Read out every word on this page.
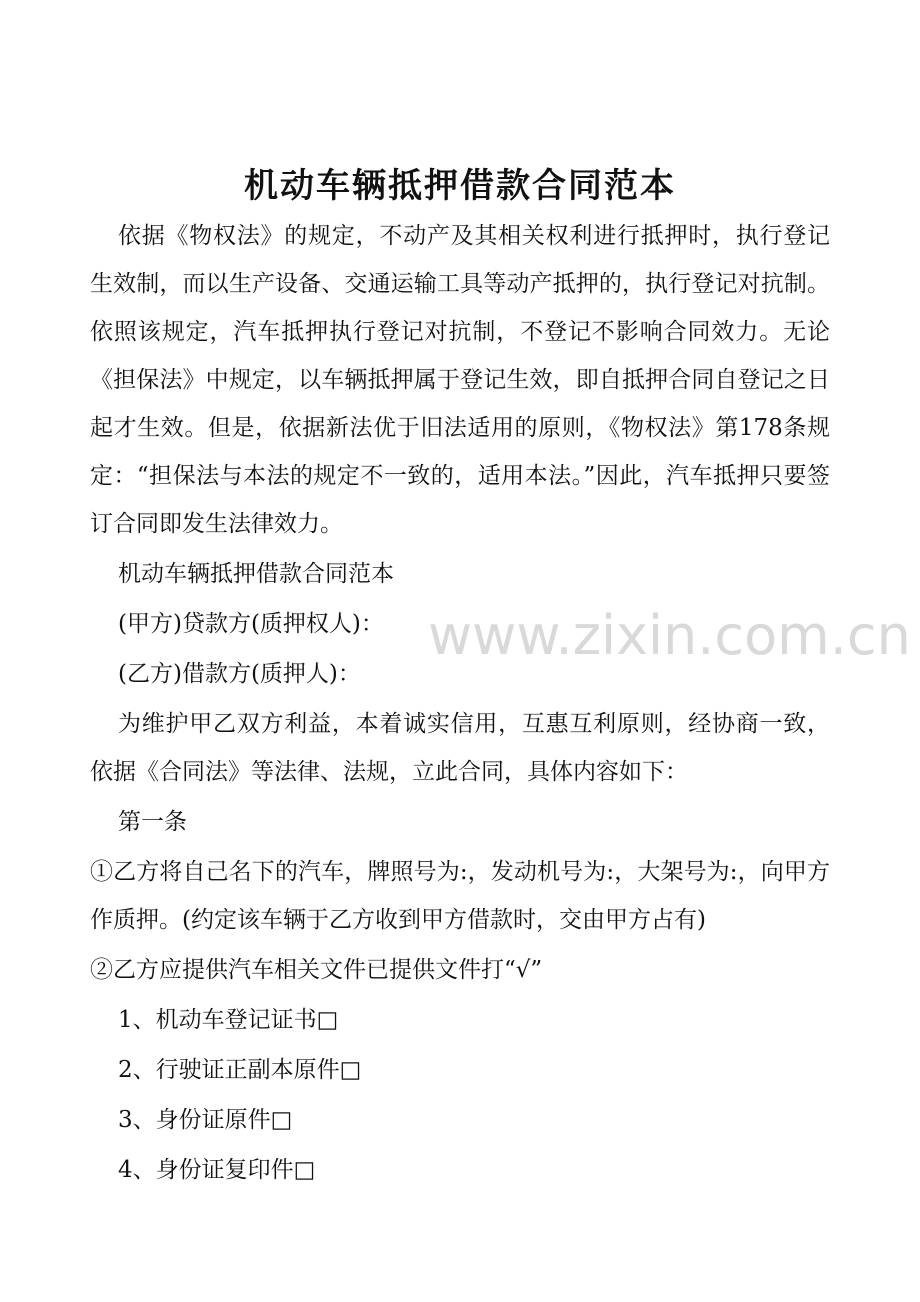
机动车辆抵押借款合同范本

依据《物权法》的规定，不动产及其相关权利进行抵押时，执行登记生效制，而以生产设备、交通运输工具等动产抵押的，执行登记对抗制。依照该规定，汽车抵押执行登记对抗制，不登记不影响合同效力。无论《担保法》中规定，以车辆抵押属于登记生效，即自抵押合同自登记之日起才生效。但是，依据新法优于旧法适用的原则，《物权法》第178条规定：“担保法与本法的规定不一致的，适用本法。”因此，汽车抵押只要签订合同即发生法律效力。

机动车辆抵押借款合同范本

(甲方)贷款方(质押权人)：

(乙方)借款方(质押人)：

为维护甲乙双方利益，本着诚实信用，互惠互利原则，经协商一致，依据《合同法》等法律、法规，立此合同，具体内容如下：

第一条

①乙方将自己名下的汽车，牌照号为:，发动机号为:，大架号为:，向甲方作质押。(约定该车辆于乙方收到甲方借款时，交由甲方占有)

②乙方应提供汽车相关文件已提供文件打“√”

1、机动车登记证书□

2、行驶证正副本原件□

3、身份证原件□

4、身份证复印件□

www.zixin.com.cn
